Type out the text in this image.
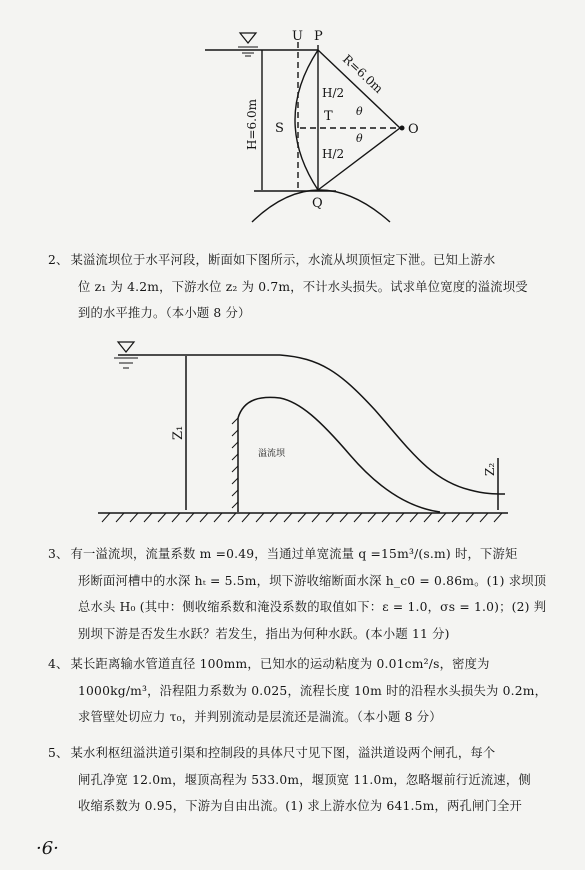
U P
S
T
O
Q
R=6.0m
H=6.0m
H/2
H/2
θ
θ
2、 某溢流坝位于水平河段，断面如下图所示，水流从坝顶恒定下泄。已知上游水
位 z₁ 为 4.2m，下游水位 z₂ 为 0.7m，不计水头损失。试求单位宽度的溢流坝受
到的水平推力。（本小题 8 分）
Z₁
Z₂
溢流坝
3、 有一溢流坝，流量系数 m =0.49，当通过单宽流量 q =15m³/(s.m) 时，下游矩
形断面河槽中的水深 hₜ = 5.5m，坝下游收缩断面水深 h_c0 = 0.86m。(1) 求坝顶
总水头 H₀ (其中：侧收缩系数和淹没系数的取值如下：ε = 1.0，σs = 1.0)；(2) 判
别坝下游是否发生水跃？若发生，指出为何种水跃。(本小题 11 分)
4、 某长距离输水管道直径 100mm，已知水的运动粘度为 0.01cm²/s，密度为
1000kg/m³，沿程阻力系数为 0.025，流程长度 10m 时的沿程水头损失为 0.2m，
求管壁处切应力 τ₀，并判别流动是层流还是湍流。（本小题 8 分）
5、 某水利枢纽溢洪道引渠和控制段的具体尺寸见下图，溢洪道设两个闸孔，每个
闸孔净宽 12.0m，堰顶高程为 533.0m，堰顶宽 11.0m，忽略堰前行近流速，侧
收缩系数为 0.95，下游为自由出流。(1) 求上游水位为 641.5m，两孔闸门全开
·6·
